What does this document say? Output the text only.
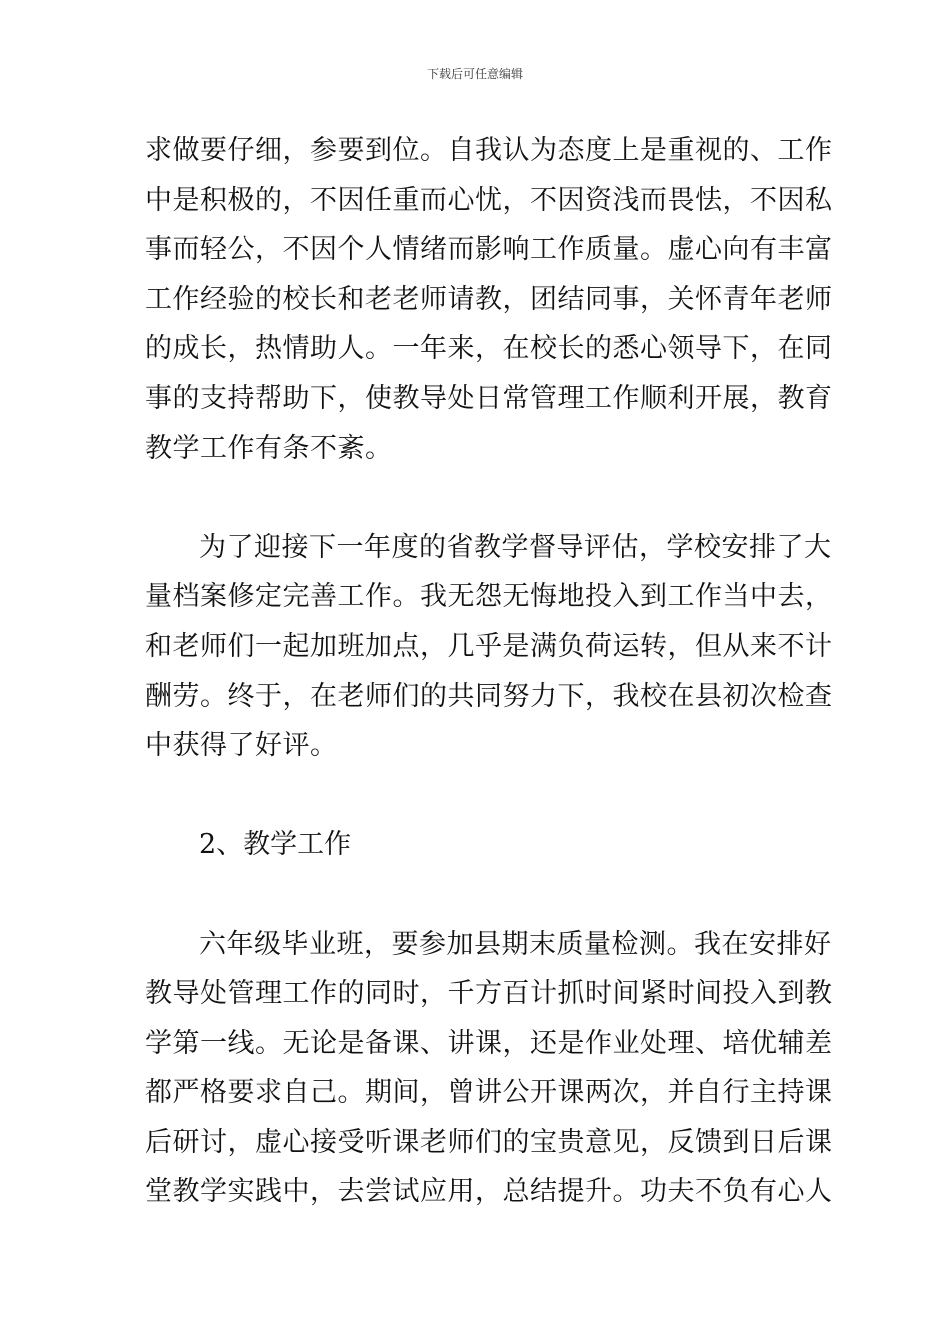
下载后可任意编辑
求做要仔细，参要到位。自我认为态度上是重视的、工作
中是积极的，不因任重而心忧，不因资浅而畏怯，不因私
事而轻公，不因个人情绪而影响工作质量。虚心向有丰富
工作经验的校长和老老师请教，团结同事，关怀青年老师
的成长，热情助人。一年来，在校长的悉心领导下，在同
事的支持帮助下，使教导处日常管理工作顺利开展，教育
教学工作有条不紊。
为了迎接下一年度的省教学督导评估，学校安排了大
量档案修定完善工作。我无怨无悔地投入到工作当中去，
和老师们一起加班加点，几乎是满负荷运转，但从来不计
酬劳。终于，在老师们的共同努力下，我校在县初次检查
中获得了好评。

2、教学工作

六年级毕业班，要参加县期末质量检测。我在安排好
教导处管理工作的同时，千方百计抓时间紧时间投入到教
学第一线。无论是备课、讲课，还是作业处理、培优辅差
都严格要求自己。期间，曾讲公开课两次，并自行主持课
后研讨，虚心接受听课老师们的宝贵意见，反馈到日后课
堂教学实践中，去尝试应用，总结提升。功夫不负有心人
